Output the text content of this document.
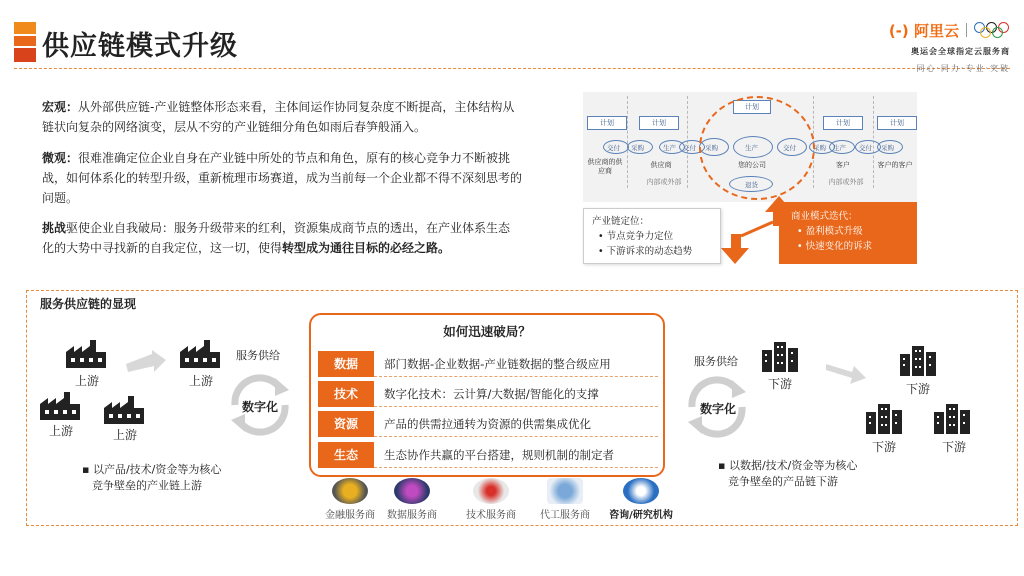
供应链模式升级
(-) 阿里云
奥运会全球指定云服务商
同心·同力·专业·突破
宏观：从外部供应链-产业链整体形态来看，主体间运作协同复杂度不断提高，主体结构从链状向复杂的网络演变，层从不穷的产业链细分角色如雨后春笋般涌入。
微观：很难准确定位企业自身在产业链中所处的节点和角色，原有的核心竞争力不断被挑战，如何体系化的转型升级，重新梳理市场赛道，成为当前每一个企业都不得不深刻思考的问题。
挑战驱使企业自我破局：服务升级带来的红利，资源集成商节点的透出，在产业体系生态化的大势中寻找新的自我定位，这一切，使得转型成为通往目标的必经之路。
计划	计划
计划
计划	计划
交付 采购	生产 交付 采购	生产	交付	采购 生产 交付 采购
供应商的供应商
供应商	您的公司	客户	客户的客户
内部或外部	内部或外部
退货
产业链定位：
• 节点竞争力定位
• 下游诉求的动态趋势
商业模式迭代：
• 盈利模式升级
• 快速变化的诉求
服务供应链的显现
上游	上游
上游	上游
服务供给
数字化
▪ 以产品/技术/资金等为核心
竞争壁垒的产业链上游
如何迅速破局？
数据	部门数据-企业数据-产业链数据的整合级应用
技术	数字化技术：云计算/大数据/智能化的支撑
资源	产品的供需拉通转为资源的供需集成优化
生态	生态协作共赢的平台搭建，规则机制的制定者
金融服务商	数据服务商	技术服务商	代工服务商	咨询/研究机构
服务供给
数字化
下游	下游
下游	下游
▪ 以数据/技术/资金等为核心
竞争壁垒的产品链下游
